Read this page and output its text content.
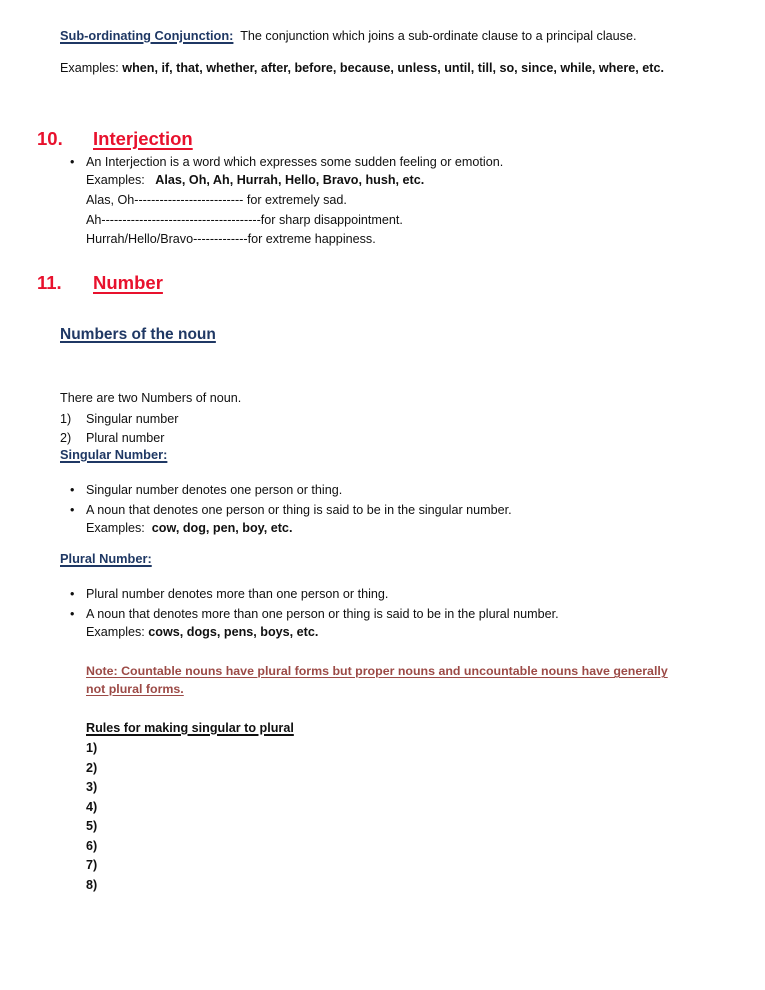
Sub-ordinating Conjunction: The conjunction which joins a sub-ordinate clause to a principal clause.
Examples: when, if, that, whether, after, before, because, unless, until, till, so, since, while, where, etc.
10.	Interjection
• An Interjection is a word which expresses some sudden feeling or emotion.
Examples: Alas, Oh, Ah, Hurrah, Hello, Bravo, hush, etc.
Alas, Oh-------------------------- for extremely sad.
Ah--------------------------------------for sharp disappointment.
Hurrah/Hello/Bravo-------------for extreme happiness.
11.	Number
Numbers of the noun
There are two Numbers of noun.
1)	Singular number
2)	Plural number
Singular Number:
• Singular number denotes one person or thing.
• A noun that denotes one person or thing is said to be in the singular number.
Examples: cow, dog, pen, boy, etc.
Plural Number:
• Plural number denotes more than one person or thing.
• A noun that denotes more than one person or thing is said to be in the plural number.
Examples: cows, dogs, pens, boys, etc.
Note: Countable nouns have plural forms but proper nouns and uncountable nouns have generally not plural forms.
Rules for making singular to plural
1)
2)
3)
4)
5)
6)
7)
8)
